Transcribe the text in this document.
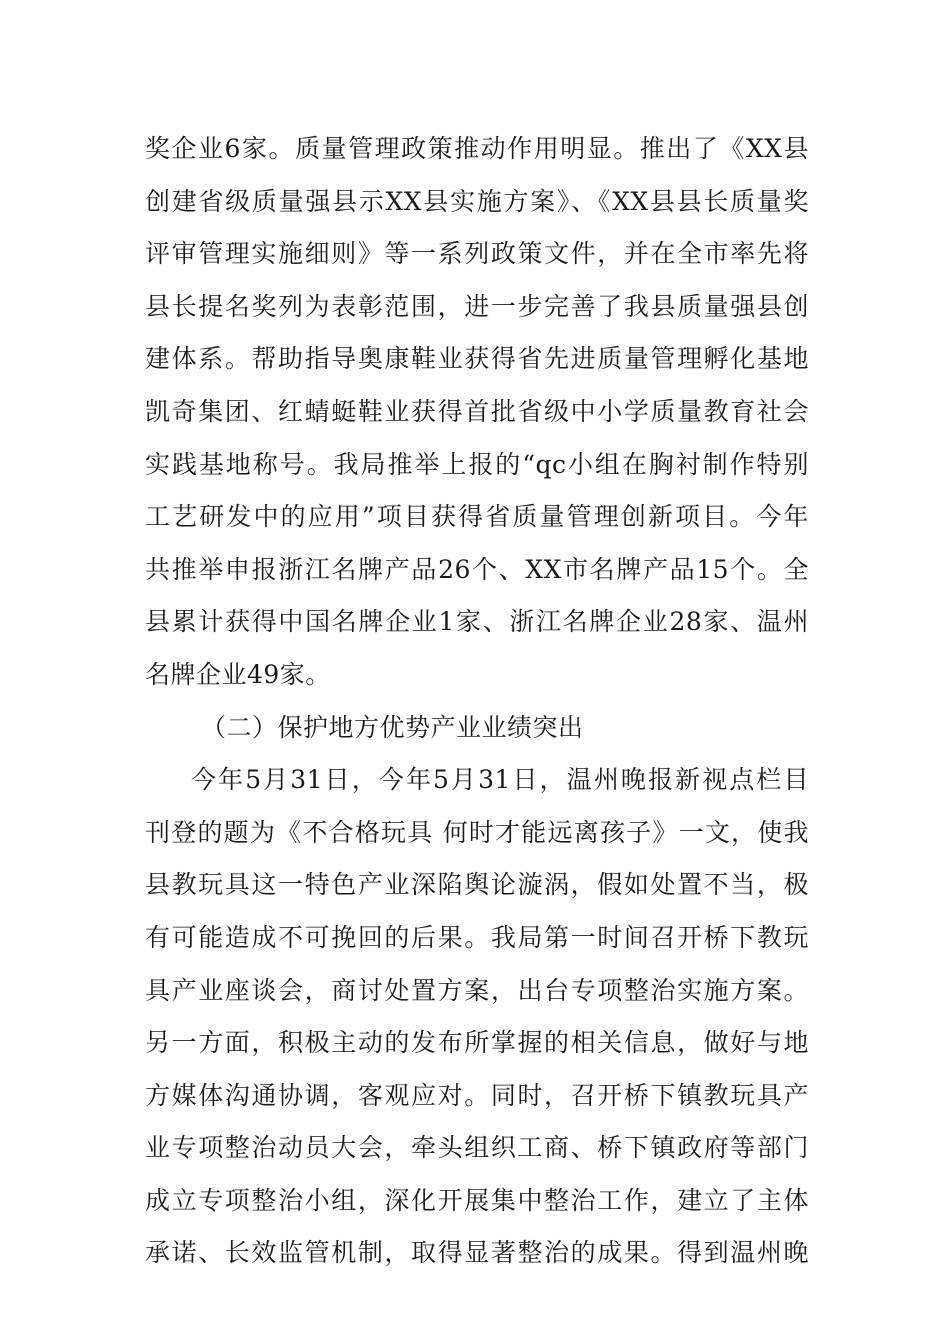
奖企业6家。质量管理政策推动作用明显。推出了《XX县
创建省级质量强县示XX县实施方案》、《XX县县长质量奖
评审管理实施细则》等一系列政策文件，并在全市率先将
县长提名奖列为表彰范围，进一步完善了我县质量强县创
建体系。帮助指导奥康鞋业获得省先进质量管理孵化基地
凯奇集团、红蜻蜓鞋业获得首批省级中小学质量教育社会
实践基地称号。我局推举上报的“qc小组在胸衬制作特别
工艺研发中的应用”项目获得省质量管理创新项目。今年
共推举申报浙江名牌产品26个、XX市名牌产品15个。全
县累计获得中国名牌企业1家、浙江名牌企业28家、温州
名牌企业49家。
（二）保护地方优势产业业绩突出
今年5月31日，今年5月31日，温州晚报新视点栏目
刊登的题为《不合格玩具 何时才能远离孩子》一文，使我
县教玩具这一特色产业深陷舆论漩涡，假如处置不当，极
有可能造成不可挽回的后果。我局第一时间召开桥下教玩
具产业座谈会，商讨处置方案，出台专项整治实施方案。
另一方面，积极主动的发布所掌握的相关信息，做好与地
方媒体沟通协调，客观应对。同时，召开桥下镇教玩具产
业专项整治动员大会，牵头组织工商、桥下镇政府等部门
成立专项整治小组，深化开展集中整治工作，建立了主体
承诺、长效监管机制，取得显著整治的成果。得到温州晚
